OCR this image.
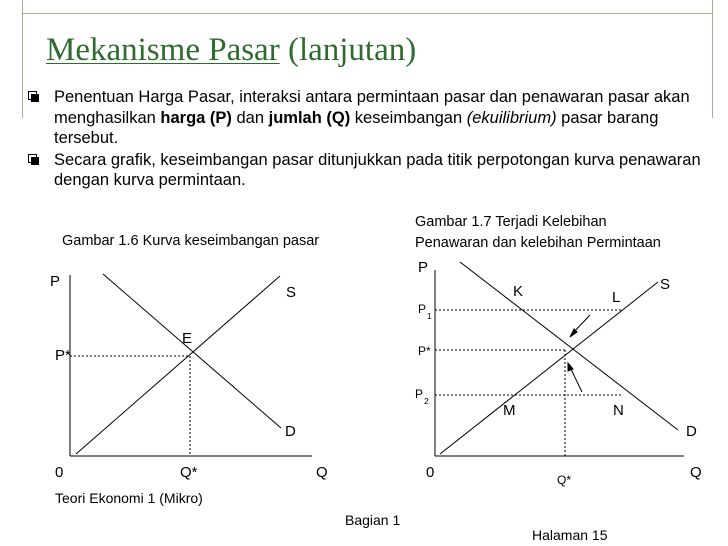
Mekanisme Pasar (lanjutan)
Penentuan Harga Pasar, interaksi antara permintaan pasar dan penawaran pasar akan menghasilkan harga (P) dan jumlah (Q) keseimbangan (ekuilibrium) pasar barang tersebut.
Secara grafik, keseimbangan pasar ditunjukkan pada titik perpotongan kurva penawaran dengan kurva permintaan.
Gambar 1.6 Kurva keseimbangan pasar
P
S
E
P*
D
0	Q*	Q
Gambar 1.7 Terjadi Kelebihan
Penawaran dan kelebihan Permintaan
P
K	L
S
$P_1$
P*
$P_2$
M	N
D
0	Q*	Q
Teori Ekonomi 1 (Mikro)
Bagian 1
Halaman 15
